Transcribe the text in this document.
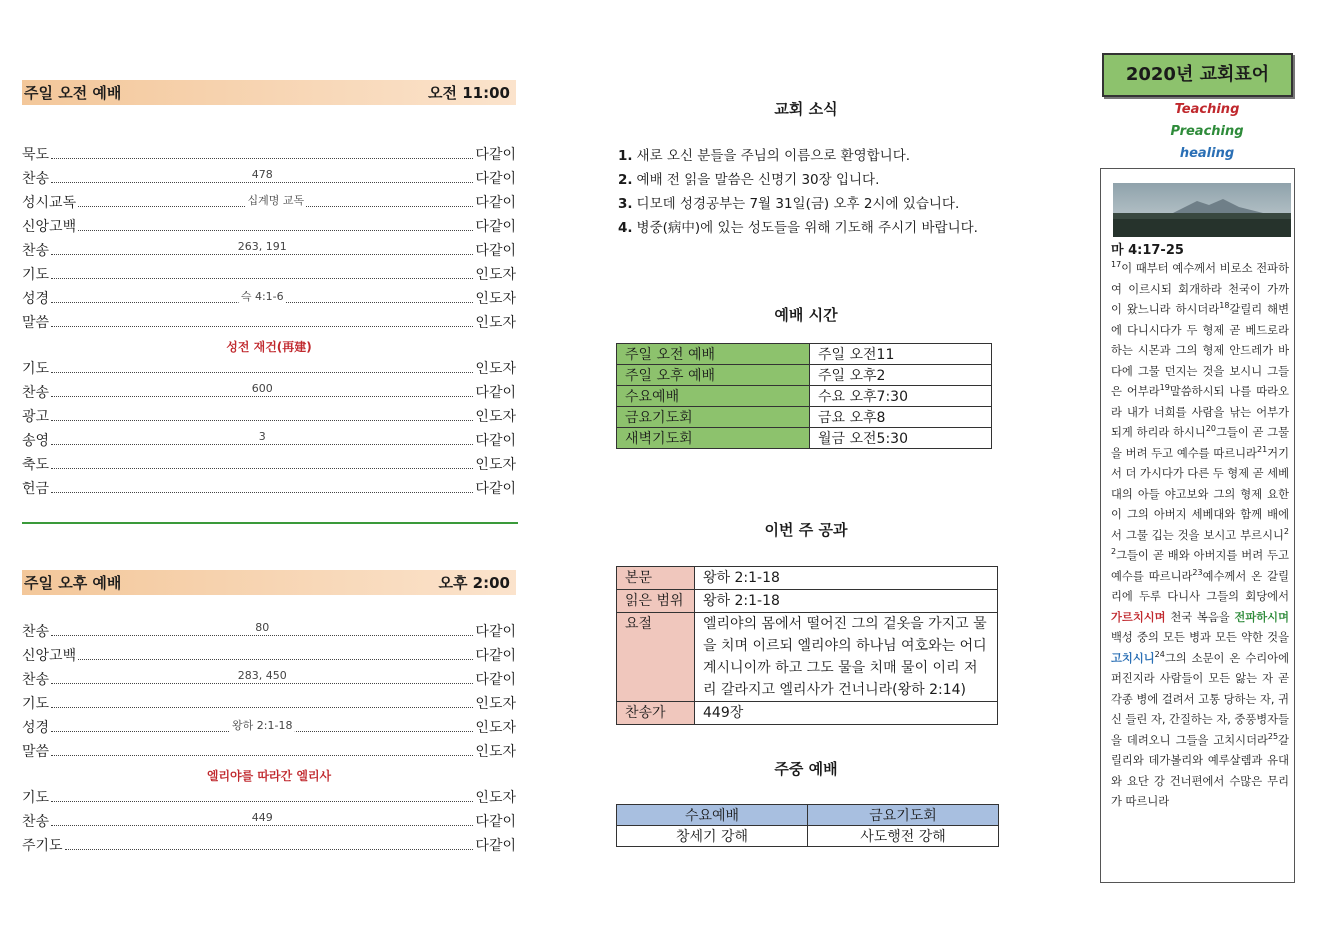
주일 오전 예배	오전 11:00
묵도	다같이
찬송	478	다같이
성시교독	십계명 교독	다같이
신앙고백	다같이
찬송	263, 191	다같이
기도	인도자
성경	슥 4:1-6	인도자
말씀	인도자
성전 재건(再建)
기도	인도자
찬송	600	다같이
광고	인도자
송영	3	다같이
축도	인도자
헌금	다같이
주일 오후 예배	오후 2:00
찬송	80	다같이
신앙고백	다같이
찬송	283, 450	다같이
기도	인도자
성경	왕하 2:1-18	인도자
말씀	인도자
엘리야를 따라간 엘리사
기도	인도자
찬송	449	다같이
주기도	다같이
교회 소식
1. 새로 오신 분들을 주님의 이름으로 환영합니다.
2. 예배 전 읽을 말씀은 신명기 30장 입니다.
3. 디모데 성경공부는 7월 31일(금) 오후 2시에 있습니다.
4. 병중(病中)에 있는 성도들을 위해 기도해 주시기 바랍니다.
예배 시간
주일 오전 예배	주일 오전11
주일 오후 예배	주일 오후2
수요예배	수요 오후7:30
금요기도회	금요 오후8
새벽기도회	월금 오전5:30
이번 주 공과
본문	왕하 2:1-18
읽은 범위	왕하 2:1-18
요절	엘리야의 몸에서 떨어진 그의 겉옷을 가지고 물을 치며 이르되 엘리야의 하나님 여호와는 어디 계시니이까 하고 그도 물을 치매 물이 이리 저리 갈라지고 엘리사가 건너니라(왕하 2:14)
찬송가	449장
주중 예배
수요예배	금요기도회
창세기 강해	사도행전 강해
2020년 교회표어
Teaching
Preaching
healing
마 4:17-25
$^{17}$이 때부터 예수께서 비로소 전파하여 이르시되 회개하라 천국이 가까이 왔느니라 하시더라$^{18}$갈릴리 해변에 다니시다가 두 형제 곧 베드로라 하는 시몬과 그의 형제 안드레가 바다에 그물 던지는 것을 보시니 그들은 어부라$^{19}$말씀하시되 나를 따라오라 내가 너희를 사람을 낚는 어부가 되게 하리라 하시니$^{20}$그들이 곧 그물을 버려 두고 예수를 따르니라$^{21}$거기서 더 가시다가 다른 두 형제 곧 세베대의 아들 야고보와 그의 형제 요한이 그의 아버지 세베대와 함께 배에서 그물 깁는 것을 보시고 부르시니$^{22}$그들이 곧 배와 아버지를 버려 두고 예수를 따르니라$^{23}$예수께서 온 갈릴리에 두루 다니사 그들의 회당에서 가르치시며 천국 복음을 전파하시며 백성 중의 모든 병과 모든 약한 것을 고치시니$^{24}$그의 소문이 온 수리아에 퍼진지라 사람들이 모든 앓는 자 곧 각종 병에 걸려서 고통 당하는 자, 귀신 들린 자, 간질하는 자, 중풍병자들을 데려오니 그들을 고치시더라$^{25}$갈릴리와 데가볼리와 예루살렘과 유대와 요단 강 건너편에서 수많은 무리가 따르니라
